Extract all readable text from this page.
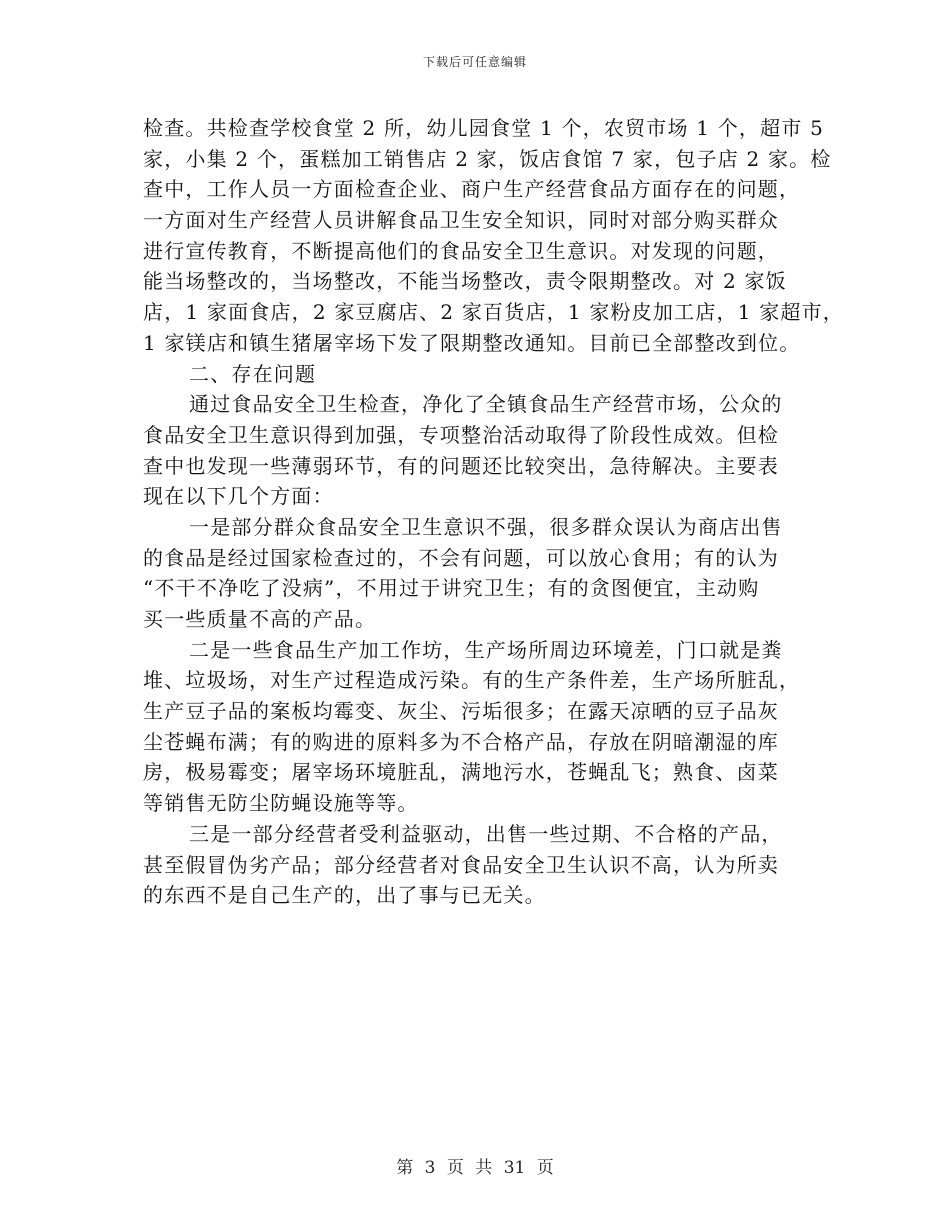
下载后可任意编辑
检查。共检查学校食堂 2 所，幼儿园食堂 1 个，农贸市场 1 个，超市 5
家，小集 2 个，蛋糕加工销售店 2 家，饭店食馆 7 家，包子店 2 家。检
查中，工作人员一方面检查企业、商户生产经营食品方面存在的问题，
一方面对生产经营人员讲解食品卫生安全知识，同时对部分购买群众
进行宣传教育，不断提高他们的食品安全卫生意识。对发现的问题，
能当场整改的，当场整改，不能当场整改，责令限期整改。对 2 家饭
店，1 家面食店，2 家豆腐店、2 家百货店，1 家粉皮加工店，1 家超市，
1 家镁店和镇生猪屠宰场下发了限期整改通知。目前已全部整改到位。
二、存在问题
通过食品安全卫生检查，净化了全镇食品生产经营市场，公众的
食品安全卫生意识得到加强，专项整治活动取得了阶段性成效。但检
查中也发现一些薄弱环节，有的问题还比较突出，急待解决。主要表
现在以下几个方面：
一是部分群众食品安全卫生意识不强，很多群众误认为商店出售
的食品是经过国家检查过的，不会有问题，可以放心食用；有的认为
“不干不净吃了没病”，不用过于讲究卫生；有的贪图便宜，主动购
买一些质量不高的产品。
二是一些食品生产加工作坊，生产场所周边环境差，门口就是粪
堆、垃圾场，对生产过程造成污染。有的生产条件差，生产场所脏乱，
生产豆子品的案板均霉变、灰尘、污垢很多；在露天凉晒的豆子品灰
尘苍蝇布满；有的购进的原料多为不合格产品，存放在阴暗潮湿的库
房，极易霉变；屠宰场环境脏乱，满地污水，苍蝇乱飞；熟食、卤菜
等销售无防尘防蝇设施等等。
三是一部分经营者受利益驱动，出售一些过期、不合格的产品，
甚至假冒伪劣产品；部分经营者对食品安全卫生认识不高，认为所卖
的东西不是自己生产的，出了事与已无关。
第 3 页 共 31 页
